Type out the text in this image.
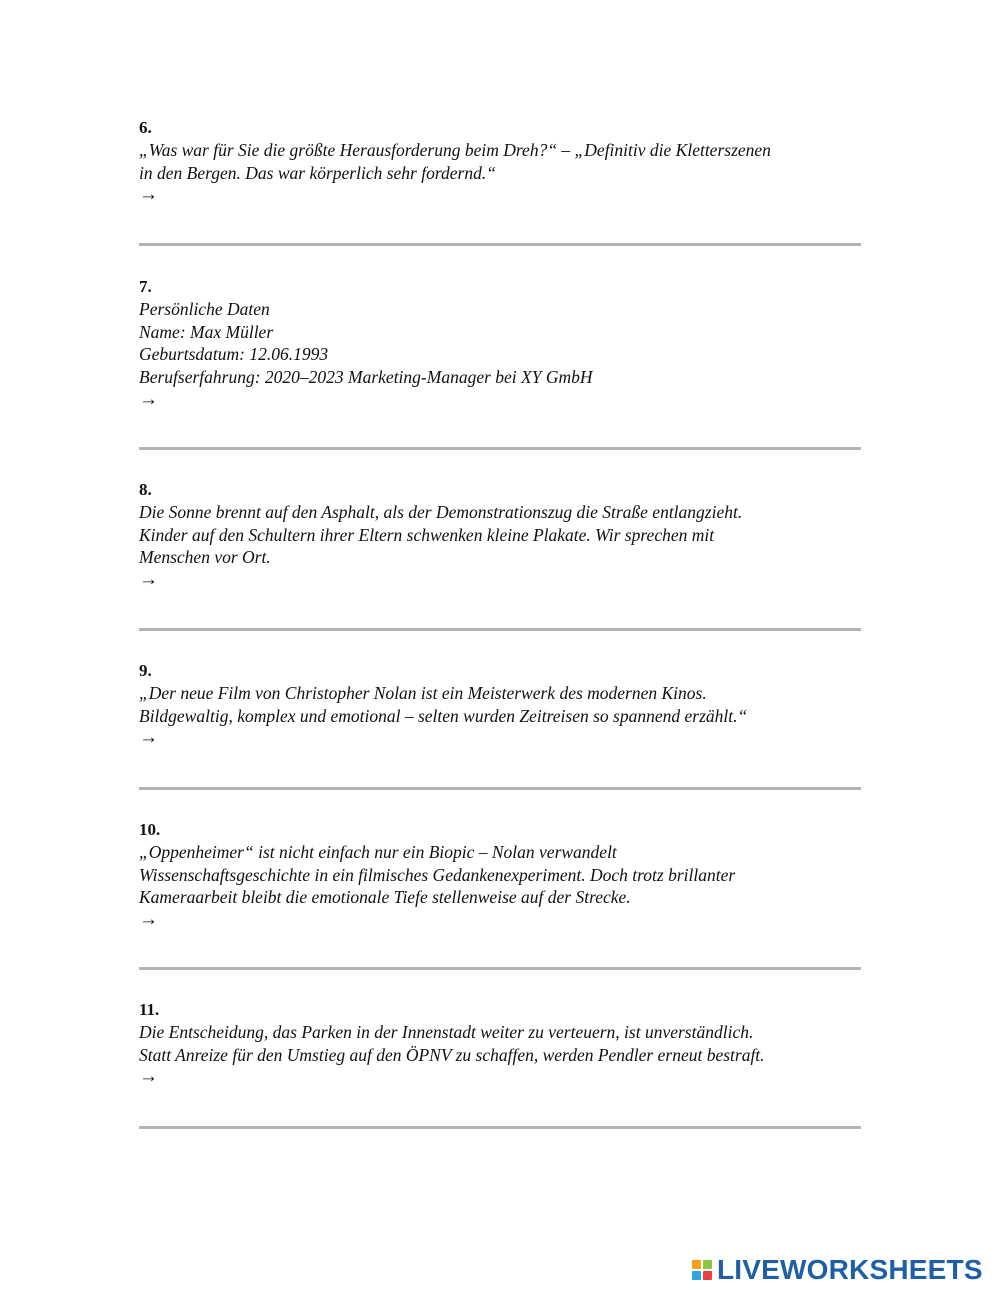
6.
„Was war für Sie die größte Herausforderung beim Dreh?“ – „Definitiv die Kletterszenen
in den Bergen. Das war körperlich sehr fordernd.“
→
7.
Persönliche Daten
Name: Max Müller
Geburtsdatum: 12.06.1993
Berufserfahrung: 2020–2023 Marketing-Manager bei XY GmbH
→
8.
Die Sonne brennt auf den Asphalt, als der Demonstrationszug die Straße entlangzieht.
Kinder auf den Schultern ihrer Eltern schwenken kleine Plakate. Wir sprechen mit
Menschen vor Ort.
→
9.
„Der neue Film von Christopher Nolan ist ein Meisterwerk des modernen Kinos.
Bildgewaltig, komplex und emotional – selten wurden Zeitreisen so spannend erzählt.“
→
10.
„Oppenheimer“ ist nicht einfach nur ein Biopic – Nolan verwandelt
Wissenschaftsgeschichte in ein filmisches Gedankenexperiment. Doch trotz brillanter
Kameraarbeit bleibt die emotionale Tiefe stellenweise auf der Strecke.
→
11.
Die Entscheidung, das Parken in der Innenstadt weiter zu verteuern, ist unverständlich.
Statt Anreize für den Umstieg auf den ÖPNV zu schaffen, werden Pendler erneut bestraft.
→
LIVEWORKSHEETS
